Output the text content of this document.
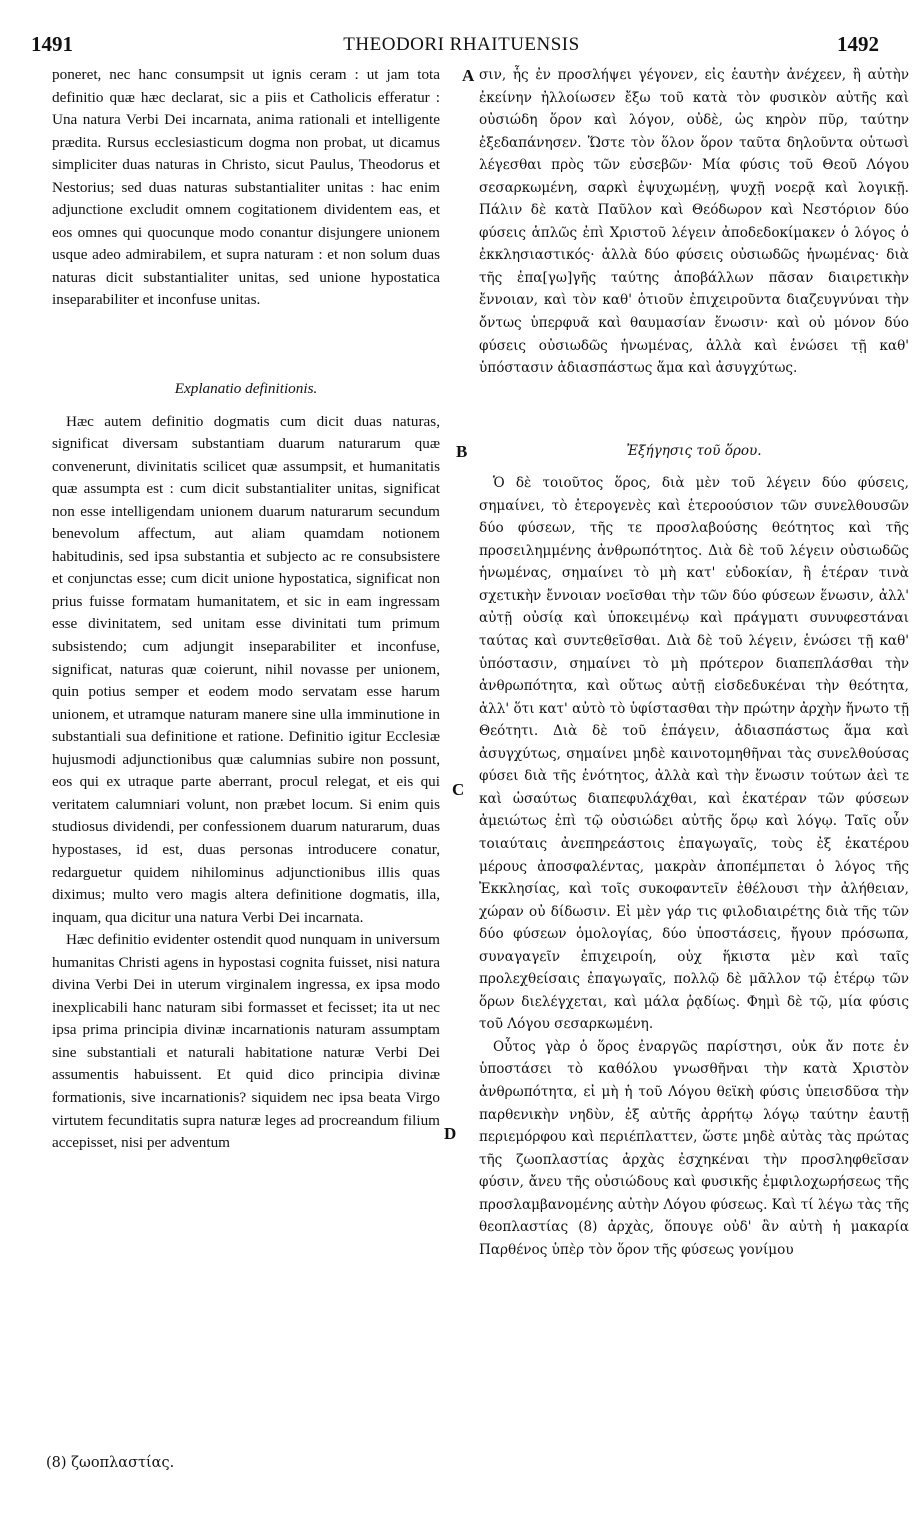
1491	THEODORI RHAITUENSIS	1492

poneret, nec hanc consumpsit ut ignis ceram : ut jam tota definitio quæ hæc declarat, sic a piis et Catholicis efferatur : Una natura Verbi Dei incarnata, anima rationali et intelligente prædita. Rursus ecclesiasticum dogma non probat, ut dicamus simpliciter duas naturas in Christo, sicut Paulus, Theodorus et Nestorius; sed duas naturas substantialiter unitas : hac enim adjunctione excludit omnem cogitationem dividentem eas, et eos omnes qui quocunque modo conantur disjungere unionem usque adeo admirabilem, et supra naturam : et non solum duas naturas dicit substantialiter unitas, sed unione hypostatica inseparabiliter et inconfuse unitas.

Explanatio definitionis.

Hæc autem definitio dogmatis cum dicit duas naturas, significat diversam substantiam duarum naturarum quæ convenerunt, divinitatis scilicet quæ assumpsit, et humanitatis quæ assumpta est : cum dicit substantialiter unitas, significat non esse intelligendam unionem duarum naturarum secundum benevolum affectum, aut aliam quamdam notionem habitudinis, sed ipsa substantia et subjecto ac re consubsistere et conjunctas esse; cum dicit unione hypostatica, significat non prius fuisse formatam humanitatem, et sic in eam ingressam esse divinitatem, sed unitam esse divinitati tum primum subsistendo; cum adjungit inseparabiliter et inconfuse, significat, naturas quæ coierunt, nihil novasse per unionem, quin potius semper et eodem modo servatam esse harum unionem, et utramque naturam manere sine ulla imminutione in substantiali sua definitione et ratione. Definitio igitur Ecclesiæ hujusmodi adjunctionibus quæ calumnias subire non possunt, eos qui ex utraque parte aberrant, procul relegat, et eis qui veritatem calumniari volunt, non præbet locum. Si enim quis studiosus dividendi, per confessionem duarum naturarum, duas hypostases, id est, duas personas introducere conatur, redarguetur quidem nihilominus adjunctionibus illis quas diximus; multo vero magis altera definitione dogmatis, illa, inquam, qua dicitur una natura Verbi Dei incarnata.

Hæc definitio evidenter ostendit quod nunquam in universum humanitas Christi agens in hypostasi cognita fuisset, nisi natura divina Verbi Dei in uterum virginalem ingressa, ex ipsa modo inexplicabili hanc naturam sibi formasset et fecisset; ita ut nec ipsa prima principia divinæ incarnationis naturam assumptam sine substantiali et naturali habitatione naturæ Verbi Dei assumentis habuissent. Et quid dico principia divinæ formationis, sive incarnationis? siquidem nec ipsa beata Virgo virtutem fecunditatis supra naturæ leges ad procreandum filium accepisset, nisi per adventum

σιν, ἧς ἐν προσλήψει γέγονεν, εἰς ἑαυτὴν ἀνέχεεν, ἢ αὐτὴν ἐκείνην ἠλλοίωσεν ἔξω τοῦ κατὰ τὸν φυσικὸν αὐτῆς καὶ οὐσιώδη ὅρον καὶ λόγον, οὐδὲ, ὡς κηρὸν πῦρ, ταύτην ἐξεδαπάνησεν. Ὥστε τὸν ὅλον ὅρον ταῦτα δηλοῦντα οὑτωσὶ λέγεσθαι πρὸς τῶν εὐσεβῶν· Μία φύσις τοῦ Θεοῦ Λόγου σεσαρκωμένη, σαρκὶ ἐψυχωμένῃ, ψυχῇ νοερᾷ καὶ λογικῇ. Πάλιν δὲ κατὰ Παῦλον καὶ Θεόδωρον καὶ Νεστόριον δύο φύσεις ἁπλῶς ἐπὶ Χριστοῦ λέγειν ἀποδεδοκίμακεν ὁ λόγος ὁ ἐκκλησιαστικός· ἀλλὰ δύο φύσεις οὐσιωδῶς ἡνωμένας· διὰ τῆς ἐπα[γω]γῆς ταύτης ἀποβάλλων πᾶσαν διαιρετικὴν ἔννοιαν, καὶ τὸν καθ' ὁτιοῦν ἐπιχειροῦντα διαζευγνύναι τὴν ὄντως ὑπερφυᾶ καὶ θαυμασίαν ἕνωσιν· καὶ οὐ μόνον δύο φύσεις οὐσιωδῶς ἡνωμένας, ἀλλὰ καὶ ἑνώσει τῇ καθ' ὑπόστασιν ἀδιασπάστως ἅμα καὶ ἀσυγχύτως.

Ἐξήγησις τοῦ ὅρου.

Ὁ δὲ τοιοῦτος ὅρος, διὰ μὲν τοῦ λέγειν δύο φύσεις, σημαίνει, τὸ ἑτερογενὲς καὶ ἑτεροούσιον τῶν συνελθουσῶν δύο φύσεων, τῆς τε προσλαβούσης θεότητος καὶ τῆς προσειλημμένης ἀνθρωπότητος. Διὰ δὲ τοῦ λέγειν οὐσιωδῶς ἡνωμένας, σημαίνει τὸ μὴ κατ' εὐδοκίαν, ἢ ἑτέραν τινὰ σχετικὴν ἔννοιαν νοεῖσθαι τὴν τῶν δύο φύσεων ἕνωσιν, ἀλλ' αὐτῇ οὐσίᾳ καὶ ὑποκειμένῳ καὶ πράγματι συνυφεστάναι ταύτας καὶ συντεθεῖσθαι. Διὰ δὲ τοῦ λέγειν, ἑνώσει τῇ καθ' ὑπόστασιν, σημαίνει τὸ μὴ πρότερον διαπεπλάσθαι τὴν ἀνθρωπότητα, καὶ οὕτως αὐτῇ εἰσδεδυκέναι τὴν θεότητα, ἀλλ' ὅτι κατ' αὐτὸ τὸ ὑφίστασθαι τὴν πρώτην ἀρχὴν ἥνωτο τῇ Θεότητι. Διὰ δὲ τοῦ ἐπάγειν, ἀδιασπάστως ἅμα καὶ ἀσυγχύτως, σημαίνει μηδὲ καινοτομηθῆναι τὰς συνελθούσας φύσει διὰ τῆς ἑνότητος, ἀλλὰ καὶ τὴν ἕνωσιν τούτων ἀεὶ τε καὶ ὡσαύτως διαπεφυλάχθαι, καὶ ἑκατέραν τῶν φύσεων ἀμειώτως ἐπὶ τῷ οὐσιώδει αὐτῆς ὅρῳ καὶ λόγῳ. Ταῖς οὖν τοιαύταις ἀνεπηρεάστοις ἐπαγωγαῖς, τοὺς ἐξ ἑκατέρου μέρους ἀποσφαλέντας, μακρὰν ἀποπέμπεται ὁ λόγος τῆς Ἐκκλησίας, καὶ τοῖς συκοφαντεῖν ἐθέλουσι τὴν ἀλήθειαν, χώραν οὐ δίδωσιν. Εἰ μὲν γάρ τις φιλοδιαιρέτης διὰ τῆς τῶν δύο φύσεων ὁμολογίας, δύο ὑποστάσεις, ἤγουν πρόσωπα, συναγαγεῖν ἐπιχειροίη, οὐχ ἥκιστα μὲν καὶ ταῖς προλεχθείσαις ἐπαγωγαῖς, πολλῷ δὲ μᾶλλον τῷ ἑτέρῳ τῶν ὅρων διελέγχεται, καὶ μάλα ῥᾳδίως. Φημὶ δὲ τῷ, μία φύσις τοῦ Λόγου σεσαρκωμένη.

Οὗτος γὰρ ὁ ὅρος ἐναργῶς παρίστησι, οὐκ ἄν ποτε ἐν ὑποστάσει τὸ καθόλου γνωσθῆναι τὴν κατὰ Χριστὸν ἀνθρωπότητα, εἰ μὴ ἡ τοῦ Λόγου θεϊκὴ φύσις ὑπεισδῦσα τὴν παρθενικὴν νηδὺν, ἐξ αὐτῆς ἀρρήτῳ λόγῳ ταύτην ἑαυτῇ περιεμόρφου καὶ περιέπλαττεν, ὥστε μηδὲ αὐτὰς τὰς πρώτας τῆς ζωοπλαστίας ἀρχὰς ἐσχηκέναι τὴν προσληφθεῖσαν φύσιν, ἄνευ τῆς οὐσιώδους καὶ φυσικῆς ἐμφιλοχωρήσεως τῆς προσλαμβανομένης αὐτὴν Λόγου φύσεως. Καὶ τί λέγω τὰς τῆς θεοπλαστίας (8) ἀρχὰς, ὅπουγε οὐδ' ἂν αὐτὴ ἡ μακαρία Παρθένος ὑπὲρ τὸν ὅρον τῆς φύσεως γονίμου

A
B
C
D
(8) ζωοπλαστίας.
